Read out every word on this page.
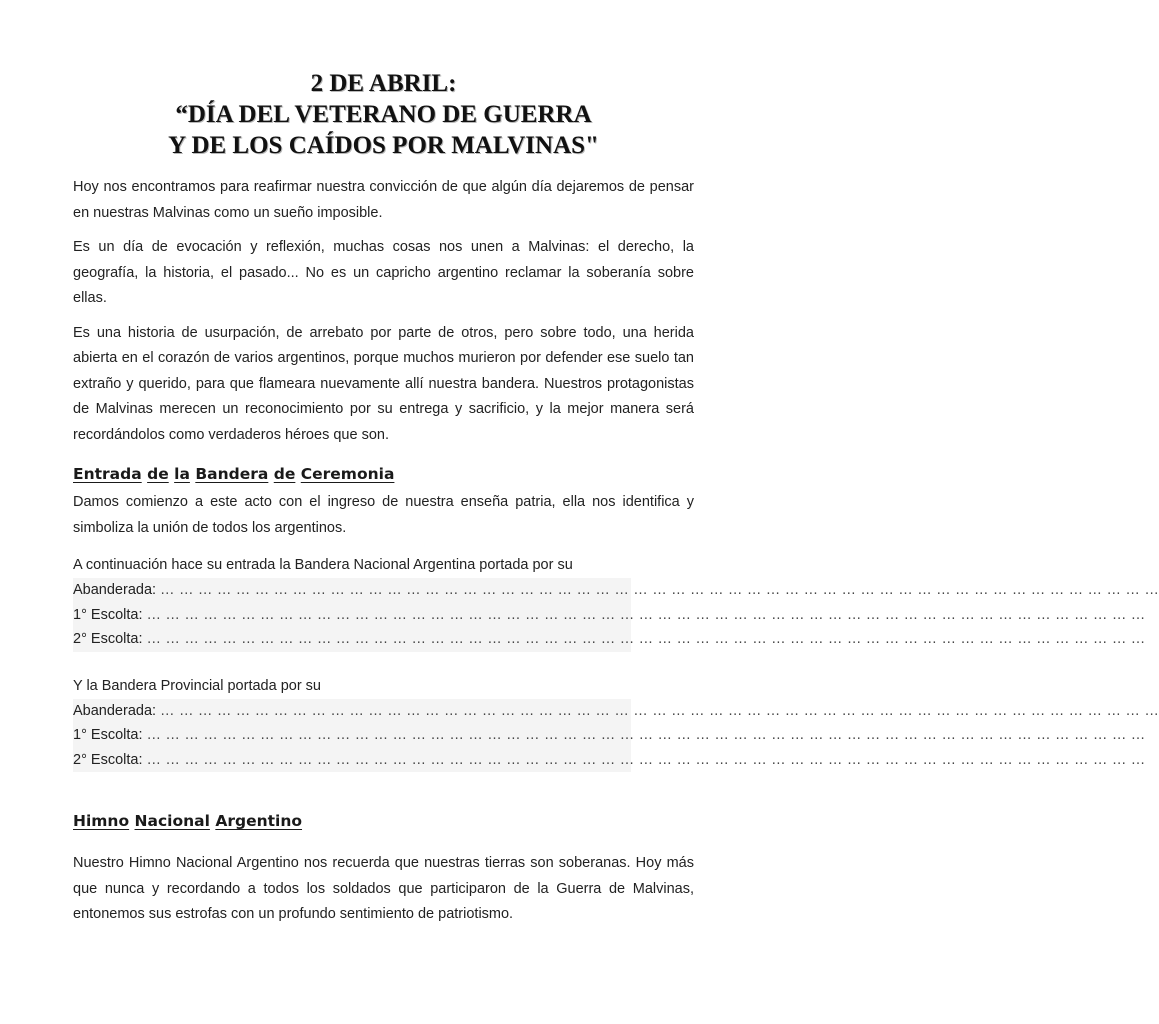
2 DE ABRIL:
“DÍA DEL VETERANO DE GUERRA
Y DE LOS CAÍDOS POR MALVINAS"

Hoy nos encontramos para reafirmar nuestra convicción de que algún día dejaremos de pensar en nuestras Malvinas como un sueño imposible.

Es un día de evocación y reflexión, muchas cosas nos unen a Malvinas: el derecho, la geografía, la historia, el pasado... No es un capricho argentino reclamar la soberanía sobre ellas.

Es una historia de usurpación, de arrebato por parte de otros, pero sobre todo, una herida abierta en el corazón de varios argentinos, porque muchos murieron por defender ese suelo tan extraño y querido, para que flameara nuevamente allí nuestra bandera. Nuestros protagonistas de Malvinas merecen un reconocimiento por su entrega y sacrificio, y la mejor manera será recordándolos como verdaderos héroes que son.

Entrada de la Bandera de Ceremonia

Damos comienzo a este acto con el ingreso de nuestra enseña patria, ella nos identifica y simboliza la unión de todos los argentinos.

A continuación hace su entrada la Bandera Nacional Argentina portada por su

Abanderada: … … … … … … … … … … … … … … … … … … … … … … … … … … … … … … … … … … … … … … … … … … … … … … … … … … … … …
1° Escolta: … … … … … … … … … … … … … … … … … … … … … … … … … … … … … … … … … … … … … … … … … … … … … … … … … … … … …
2° Escolta: … … … … … … … … … … … … … … … … … … … … … … … … … … … … … … … … … … … … … … … … … … … … … … … … … … … … …

Y la Bandera Provincial portada por su

Abanderada: … … … … … … … … … … … … … … … … … … … … … … … … … … … … … … … … … … … … … … … … … … … … … … … … … … … … …
1° Escolta: … … … … … … … … … … … … … … … … … … … … … … … … … … … … … … … … … … … … … … … … … … … … … … … … … … … … …
2° Escolta: … … … … … … … … … … … … … … … … … … … … … … … … … … … … … … … … … … … … … … … … … … … … … … … … … … … … …
Himno Nacional Argentino

Nuestro Himno Nacional Argentino nos recuerda que nuestras tierras son soberanas. Hoy más que nunca y recordando a todos los soldados que participaron de la Guerra de Malvinas, entonemos sus estrofas con un profundo sentimiento de patriotismo.
